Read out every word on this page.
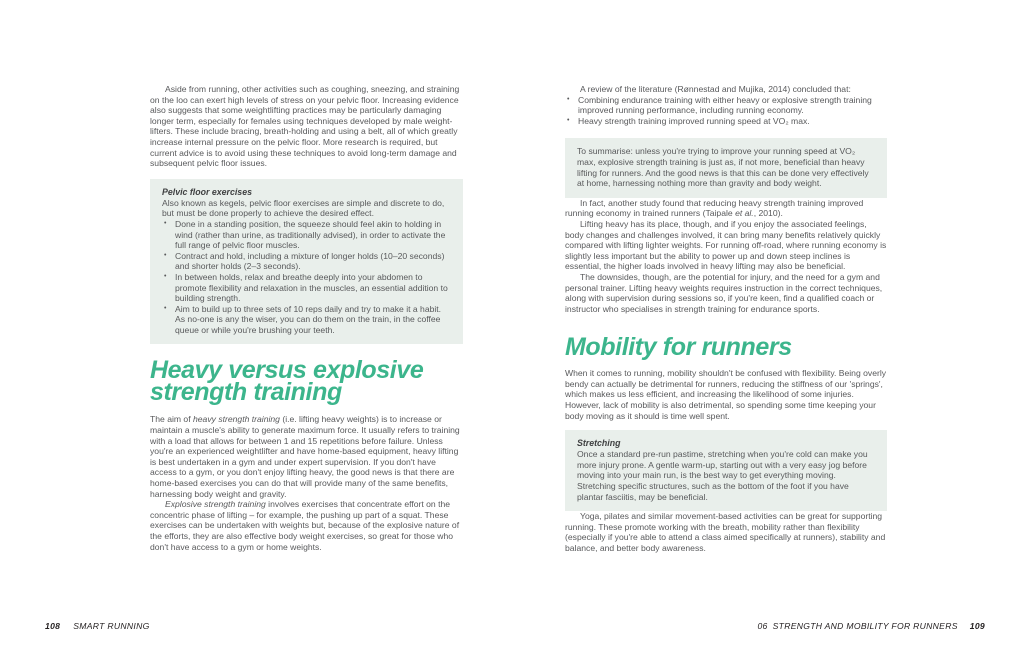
Aside from running, other activities such as coughing, sneezing, and straining on the loo can exert high levels of stress on your pelvic floor. Increasing evidence also suggests that some weightlifting practices may be particularly damaging longer term, especially for females using techniques developed by male weight-lifters. These include bracing, breath-holding and using a belt, all of which greatly increase internal pressure on the pelvic floor. More research is required, but current advice is to avoid using these techniques to avoid long-term damage and subsequent pelvic floor issues.

Pelvic floor exercises

Also known as kegels, pelvic floor exercises are simple and discrete to do, but must be done properly to achieve the desired effect.

• Done in a standing position, the squeeze should feel akin to holding in wind (rather than urine, as traditionally advised), in order to activate the full range of pelvic floor muscles.
• Contract and hold, including a mixture of longer holds (10–20 seconds) and shorter holds (2–3 seconds).
• In between holds, relax and breathe deeply into your abdomen to promote flexibility and relaxation in the muscles, an essential addition to building strength.
• Aim to build up to three sets of 10 reps daily and try to make it a habit. As no-one is any the wiser, you can do them on the train, in the coffee queue or while you're brushing your teeth.
Heavy versus explosive
strength training

The aim of heavy strength training (i.e. lifting heavy weights) is to increase or maintain a muscle's ability to generate maximum force. It usually refers to training with a load that allows for between 1 and 15 repetitions before failure. Unless you're an experienced weightlifter and have home-based equipment, heavy lifting is best undertaken in a gym and under expert supervision. If you don't have access to a gym, or you don't enjoy lifting heavy, the good news is that there are home-based exercises you can do that will provide many of the same benefits, harnessing body weight and gravity.

Explosive strength training involves exercises that concentrate effort on the concentric phase of lifting – for example, the pushing up part of a squat. These exercises can be undertaken with weights but, because of the explosive nature of the efforts, they are also effective body weight exercises, so great for those who don't have access to a gym or home weights.

A review of the literature (Rønnestad and Mujika, 2014) concluded that:

• Combining endurance training with either heavy or explosive strength training improved running performance, including running economy.
• Heavy strength training improved running speed at VO₂ max.

To summarise: unless you're trying to improve your running speed at VO₂ max, explosive strength training is just as, if not more, beneficial than heavy lifting for runners. And the good news is that this can be done very effectively at home, harnessing nothing more than gravity and body weight.

In fact, another study found that reducing heavy strength training improved running economy in trained runners (Taipale et al., 2010).

Lifting heavy has its place, though, and if you enjoy the associated feelings, body changes and challenges involved, it can bring many benefits relatively quickly compared with lifting lighter weights. For running off-road, where running economy is slightly less important but the ability to power up and down steep inclines is essential, the higher loads involved in heavy lifting may also be beneficial.

The downsides, though, are the potential for injury, and the need for a gym and personal trainer. Lifting heavy weights requires instruction in the correct techniques, along with supervision during sessions so, if you're keen, find a qualified coach or instructor who specialises in strength training for endurance sports.

Mobility for runners

When it comes to running, mobility shouldn't be confused with flexibility. Being overly bendy can actually be detrimental for runners, reducing the stiffness of our 'springs', which makes us less efficient, and increasing the likelihood of some injuries. However, lack of mobility is also detrimental, so spending some time keeping your body moving as it should is time well spent.

Stretching

Once a standard pre-run pastime, stretching when you're cold can make you more injury prone. A gentle warm-up, starting out with a very easy jog before moving into your main run, is the best way to get everything moving. Stretching specific structures, such as the bottom of the foot if you have plantar fasciitis, may be beneficial.

Yoga, pilates and similar movement-based activities can be great for supporting running. These promote working with the breath, mobility rather than flexibility (especially if you're able to attend a class aimed specifically at runners), stability and balance, and better body awareness.

108 SMART RUNNING	06 STRENGTH AND MOBILITY FOR RUNNERS 109
